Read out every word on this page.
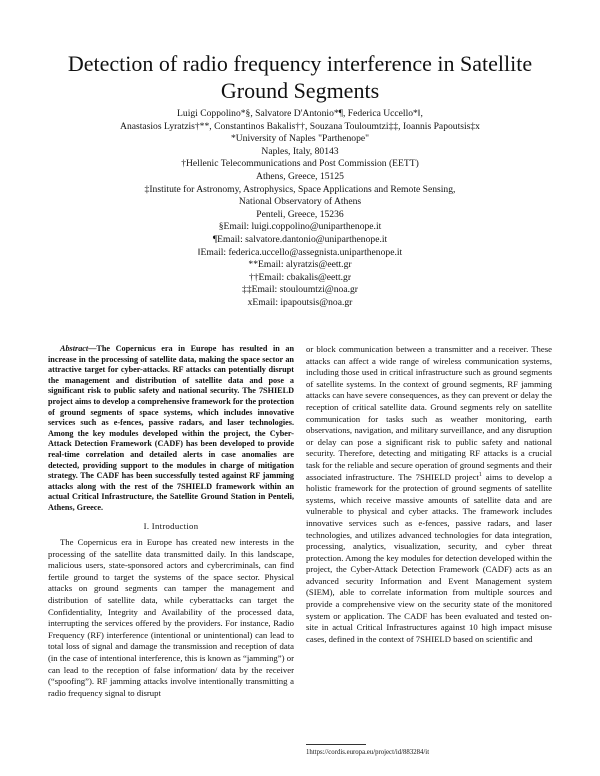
Detection of radio frequency interference in Satellite Ground Segments
Luigi Coppolino*§, Salvatore D'Antonio*¶, Federica Uccello*‖,
Anastasios Lyratzis†**, Constantinos Bakalis††, Souzana Touloumtzi‡‡, Ioannis Papoutsis‡x
*University of Naples "Parthenope"
Naples, Italy, 80143
†Hellenic Telecommunications and Post Commission (EETT)
Athens, Greece, 15125
‡Institute for Astronomy, Astrophysics, Space Applications and Remote Sensing,
National Observatory of Athens
Penteli, Greece, 15236
§Email: luigi.coppolino@uniparthenope.it
¶Email: salvatore.dantonio@uniparthenope.it
‖Email: federica.uccello@assegnista.uniparthenope.it
**Email: alyratzis@eett.gr
††Email: cbakalis@eett.gr
‡‡Email: stouloumtzi@noa.gr
xEmail: ipapoutsis@noa.gr

Abstract—The Copernicus era in Europe has resulted in an increase in the processing of satellite data, making the space sector an attractive target for cyber-attacks. RF attacks can potentially disrupt the management and distribution of satellite data and pose a significant risk to public safety and national security. The 7SHIELD project aims to develop a comprehensive framework for the protection of ground segments of space systems, which includes innovative services such as e-fences, passive radars, and laser technologies. Among the key modules developed within the project, the Cyber-Attack Detection Framework (CADF) has been developed to provide real-time correlation and detailed alerts in case anomalies are detected, providing support to the modules in charge of mitigation strategy. The CADF has been successfully tested against RF jamming attacks along with the rest of the 7SHIELD framework within an actual Critical Infrastructure, the Satellite Ground Station in Penteli, Athens, Greece.

I. Introduction

The Copernicus era in Europe has created new interests in the processing of the satellite data transmitted daily. In this landscape, malicious users, state-sponsored actors and cybercriminals, can find fertile ground to target the systems of the space sector. Physical attacks on ground segments can tamper the management and distribution of satellite data, while cyberattacks can target the Confidentiality, Integrity and Availability of the processed data, interrupting the services offered by the providers. For instance, Radio Frequency (RF) interference (intentional or unintentional) can lead to total loss of signal and damage the transmission and reception of data (in the case of intentional interference, this is known as “jamming”) or can lead to the reception of false information/ data by the receiver (“spoofing”). RF jamming attacks involve intentionally transmitting a radio frequency signal to disrupt

or block communication between a transmitter and a receiver. These attacks can affect a wide range of wireless communication systems, including those used in critical infrastructure such as ground segments of satellite systems. In the context of ground segments, RF jamming attacks can have severe consequences, as they can prevent or delay the reception of critical satellite data. Ground segments rely on satellite communication for tasks such as weather monitoring, earth observations, navigation, and military surveillance, and any disruption or delay can pose a significant risk to public safety and national security. Therefore, detecting and mitigating RF attacks is a crucial task for the reliable and secure operation of ground segments and their associated infrastructure. The 7SHIELD project$^1$ aims to develop a holistic framework for the protection of ground segments of satellite systems, which receive massive amounts of satellite data and are vulnerable to physical and cyber attacks. The framework includes innovative services such as e-fences, passive radars, and laser technologies, and utilizes advanced technologies for data integration, processing, analytics, visualization, security, and cyber threat protection. Among the key modules for detection developed within the project, the Cyber-Attack Detection Framework (CADF) acts as an advanced security Information and Event Management system (SIEM), able to correlate information from multiple sources and provide a comprehensive view on the security state of the monitored system or application. The CADF has been evaluated and tested on-site in actual Critical Infrastructures against 10 high impact misuse cases, defined in the context of 7SHIELD based on scientific and

1https://cordis.europa.eu/project/id/883284/it
